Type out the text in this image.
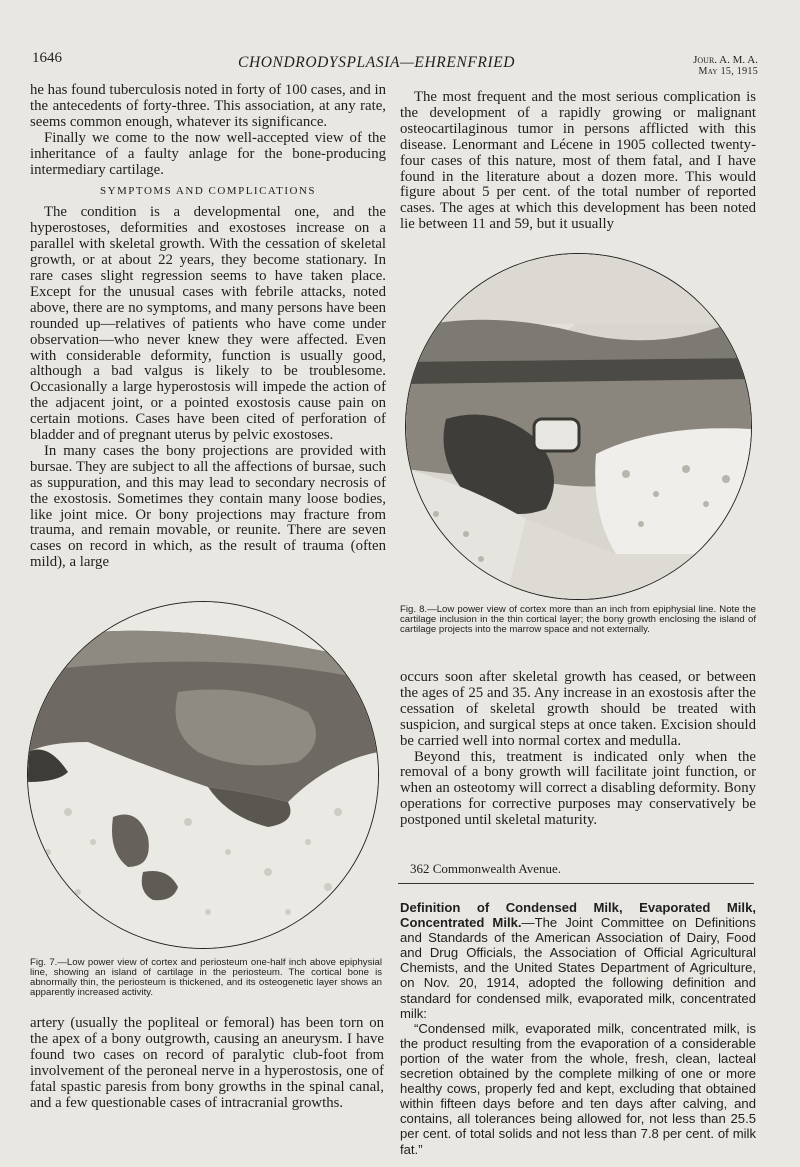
1646	CHONDRODYSPLASIA—EHRENFRIED	Jour. A. M. A.
May 15, 1915

he has found tuberculosis noted in forty of 100 cases, and in the antecedents of forty-three. This association, at any rate, seems common enough, whatever its significance.

Finally we come to the now well-accepted view of the inheritance of a faulty anlage for the bone-producing intermediary cartilage.

SYMPTOMS AND COMPLICATIONS

The condition is a developmental one, and the hyperostoses, deformities and exostoses increase on a parallel with skeletal growth. With the cessation of skeletal growth, or at about 22 years, they become stationary. In rare cases slight regression seems to have taken place. Except for the unusual cases with febrile attacks, noted above, there are no symptoms, and many persons have been rounded up—relatives of patients who have come under observation—who never knew they were affected. Even with considerable deformity, function is usually good, although a bad valgus is likely to be troublesome. Occasionally a large hyperostosis will impede the action of the adjacent joint, or a pointed exostosis cause pain on certain motions. Cases have been cited of perforation of bladder and of pregnant uterus by pelvic exostoses.

In many cases the bony projections are provided with bursae. They are subject to all the affections of bursae, such as suppuration, and this may lead to secondary necrosis of the exostosis. Sometimes they contain many loose bodies, like joint mice. Or bony projections may fracture from trauma, and remain movable, or reunite. There are seven cases on record in which, as the result of trauma (often mild), a large

The most frequent and the most serious complication is the development of a rapidly growing or malignant osteocartilaginous tumor in persons afflicted with this disease. Lenormant and Lécene in 1905 collected twenty-four cases of this nature, most of them fatal, and I have found in the literature about a dozen more. This would figure about 5 per cent. of the total number of reported cases. The ages at which this development has been noted lie between 11 and 59, but it usually

Fig. 8.—Low power view of cortex more than an inch from epiphysial line. Note the cartilage inclusion in the thin cortical layer; the bony growth enclosing the island of cartilage projects into the marrow space and not externally.

occurs soon after skeletal growth has ceased, or between the ages of 25 and 35. Any increase in an exostosis after the cessation of skeletal growth should be treated with suspicion, and surgical steps at once taken. Excision should be carried well into normal cortex and medulla.

Beyond this, treatment is indicated only when the removal of a bony growth will facilitate joint function, or when an osteotomy will correct a disabling deformity. Bony operations for corrective purposes may conservatively be postponed until skeletal maturity.

362 Commonwealth Avenue.
Fig. 7.—Low power view of cortex and periosteum one-half inch above epiphysial line, showing an island of cartilage in the periosteum. The cortical bone is abnormally thin, the periosteum is thickened, and its osteogenetic layer shows an apparently increased activity.

artery (usually the popliteal or femoral) has been torn on the apex of a bony outgrowth, causing an aneurysm. I have found two cases on record of paralytic club-foot from involvement of the peroneal nerve in a hyperostosis, one of fatal spastic paresis from bony growths in the spinal canal, and a few questionable cases of intracranial growths.

Definition of Condensed Milk, Evaporated Milk, Concentrated Milk.—The Joint Committee on Definitions and Standards of the American Association of Dairy, Food and Drug Officials, the Association of Official Agricultural Chemists, and the United States Department of Agriculture, on Nov. 20, 1914, adopted the following definition and standard for condensed milk, evaporated milk, concentrated milk:

“Condensed milk, evaporated milk, concentrated milk, is the product resulting from the evaporation of a considerable portion of the water from the whole, fresh, clean, lacteal secretion obtained by the complete milking of one or more healthy cows, properly fed and kept, excluding that obtained within fifteen days before and ten days after calving, and contains, all tolerances being allowed for, not less than 25.5 per cent. of total solids and not less than 7.8 per cent. of milk fat.”
